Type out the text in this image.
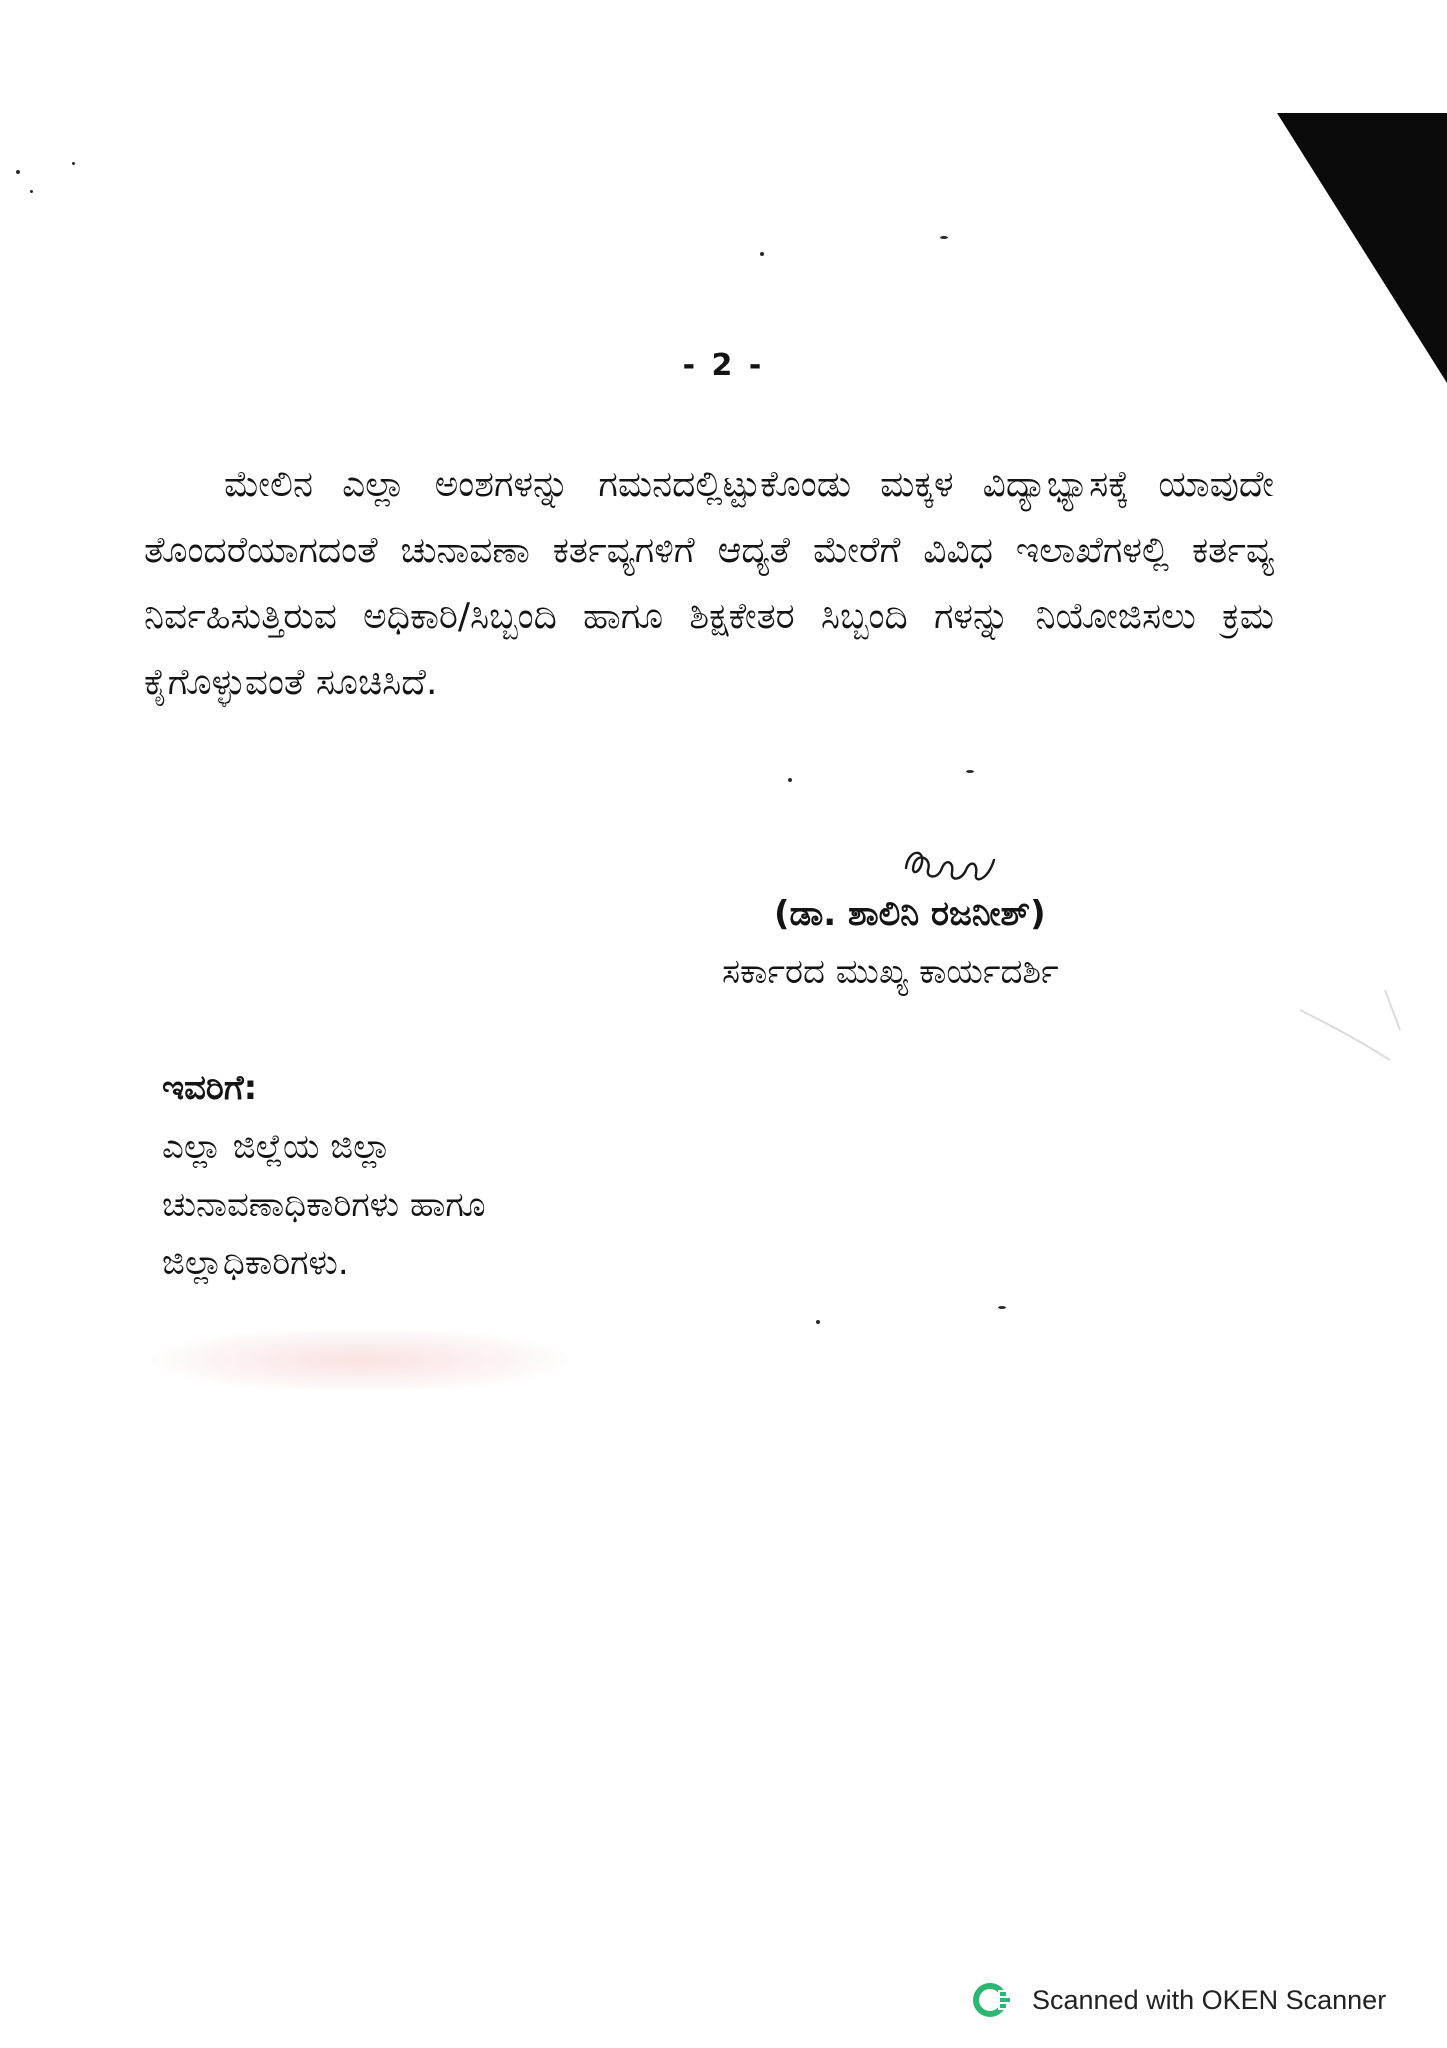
- 2 -

ಮೇಲಿನ ಎಲ್ಲಾ ಅಂಶಗಳನ್ನು ಗಮನದಲ್ಲಿಟ್ಟುಕೊಂಡು ಮಕ್ಕಳ ವಿದ್ಯಾಭ್ಯಾಸಕ್ಕೆ ಯಾವುದೇ ತೊಂದರೆಯಾಗದಂತೆ ಚುನಾವಣಾ ಕರ್ತವ್ಯಗಳಿಗೆ ಆದ್ಯತೆ ಮೇರೆಗೆ ವಿವಿಧ ಇಲಾಖೆಗಳಲ್ಲಿ ಕರ್ತವ್ಯ ನಿರ್ವಹಿಸುತ್ತಿರುವ ಅಧಿಕಾರಿ/ಸಿಬ್ಬಂದಿ ಹಾಗೂ ಶಿಕ್ಷಕೇತರ ಸಿಬ್ಬಂದಿ ಗಳನ್ನು ನಿಯೋಜಿಸಲು ಕ್ರಮ ಕೈಗೊಳ್ಳುವಂತೆ ಸೂಚಿಸಿದೆ.

(ಡಾ. ಶಾಲಿನಿ ರಜನೀಶ್)
ಸರ್ಕಾರದ ಮುಖ್ಯ ಕಾರ್ಯದರ್ಶಿ
ಇವರಿಗೆ:
ಎಲ್ಲಾ ಜಿಲ್ಲೆಯ ಜಿಲ್ಲಾ
ಚುನಾವಣಾಧಿಕಾರಿಗಳು ಹಾಗೂ
ಜಿಲ್ಲಾಧಿಕಾರಿಗಳು.
Scanned with OKEN Scanner
